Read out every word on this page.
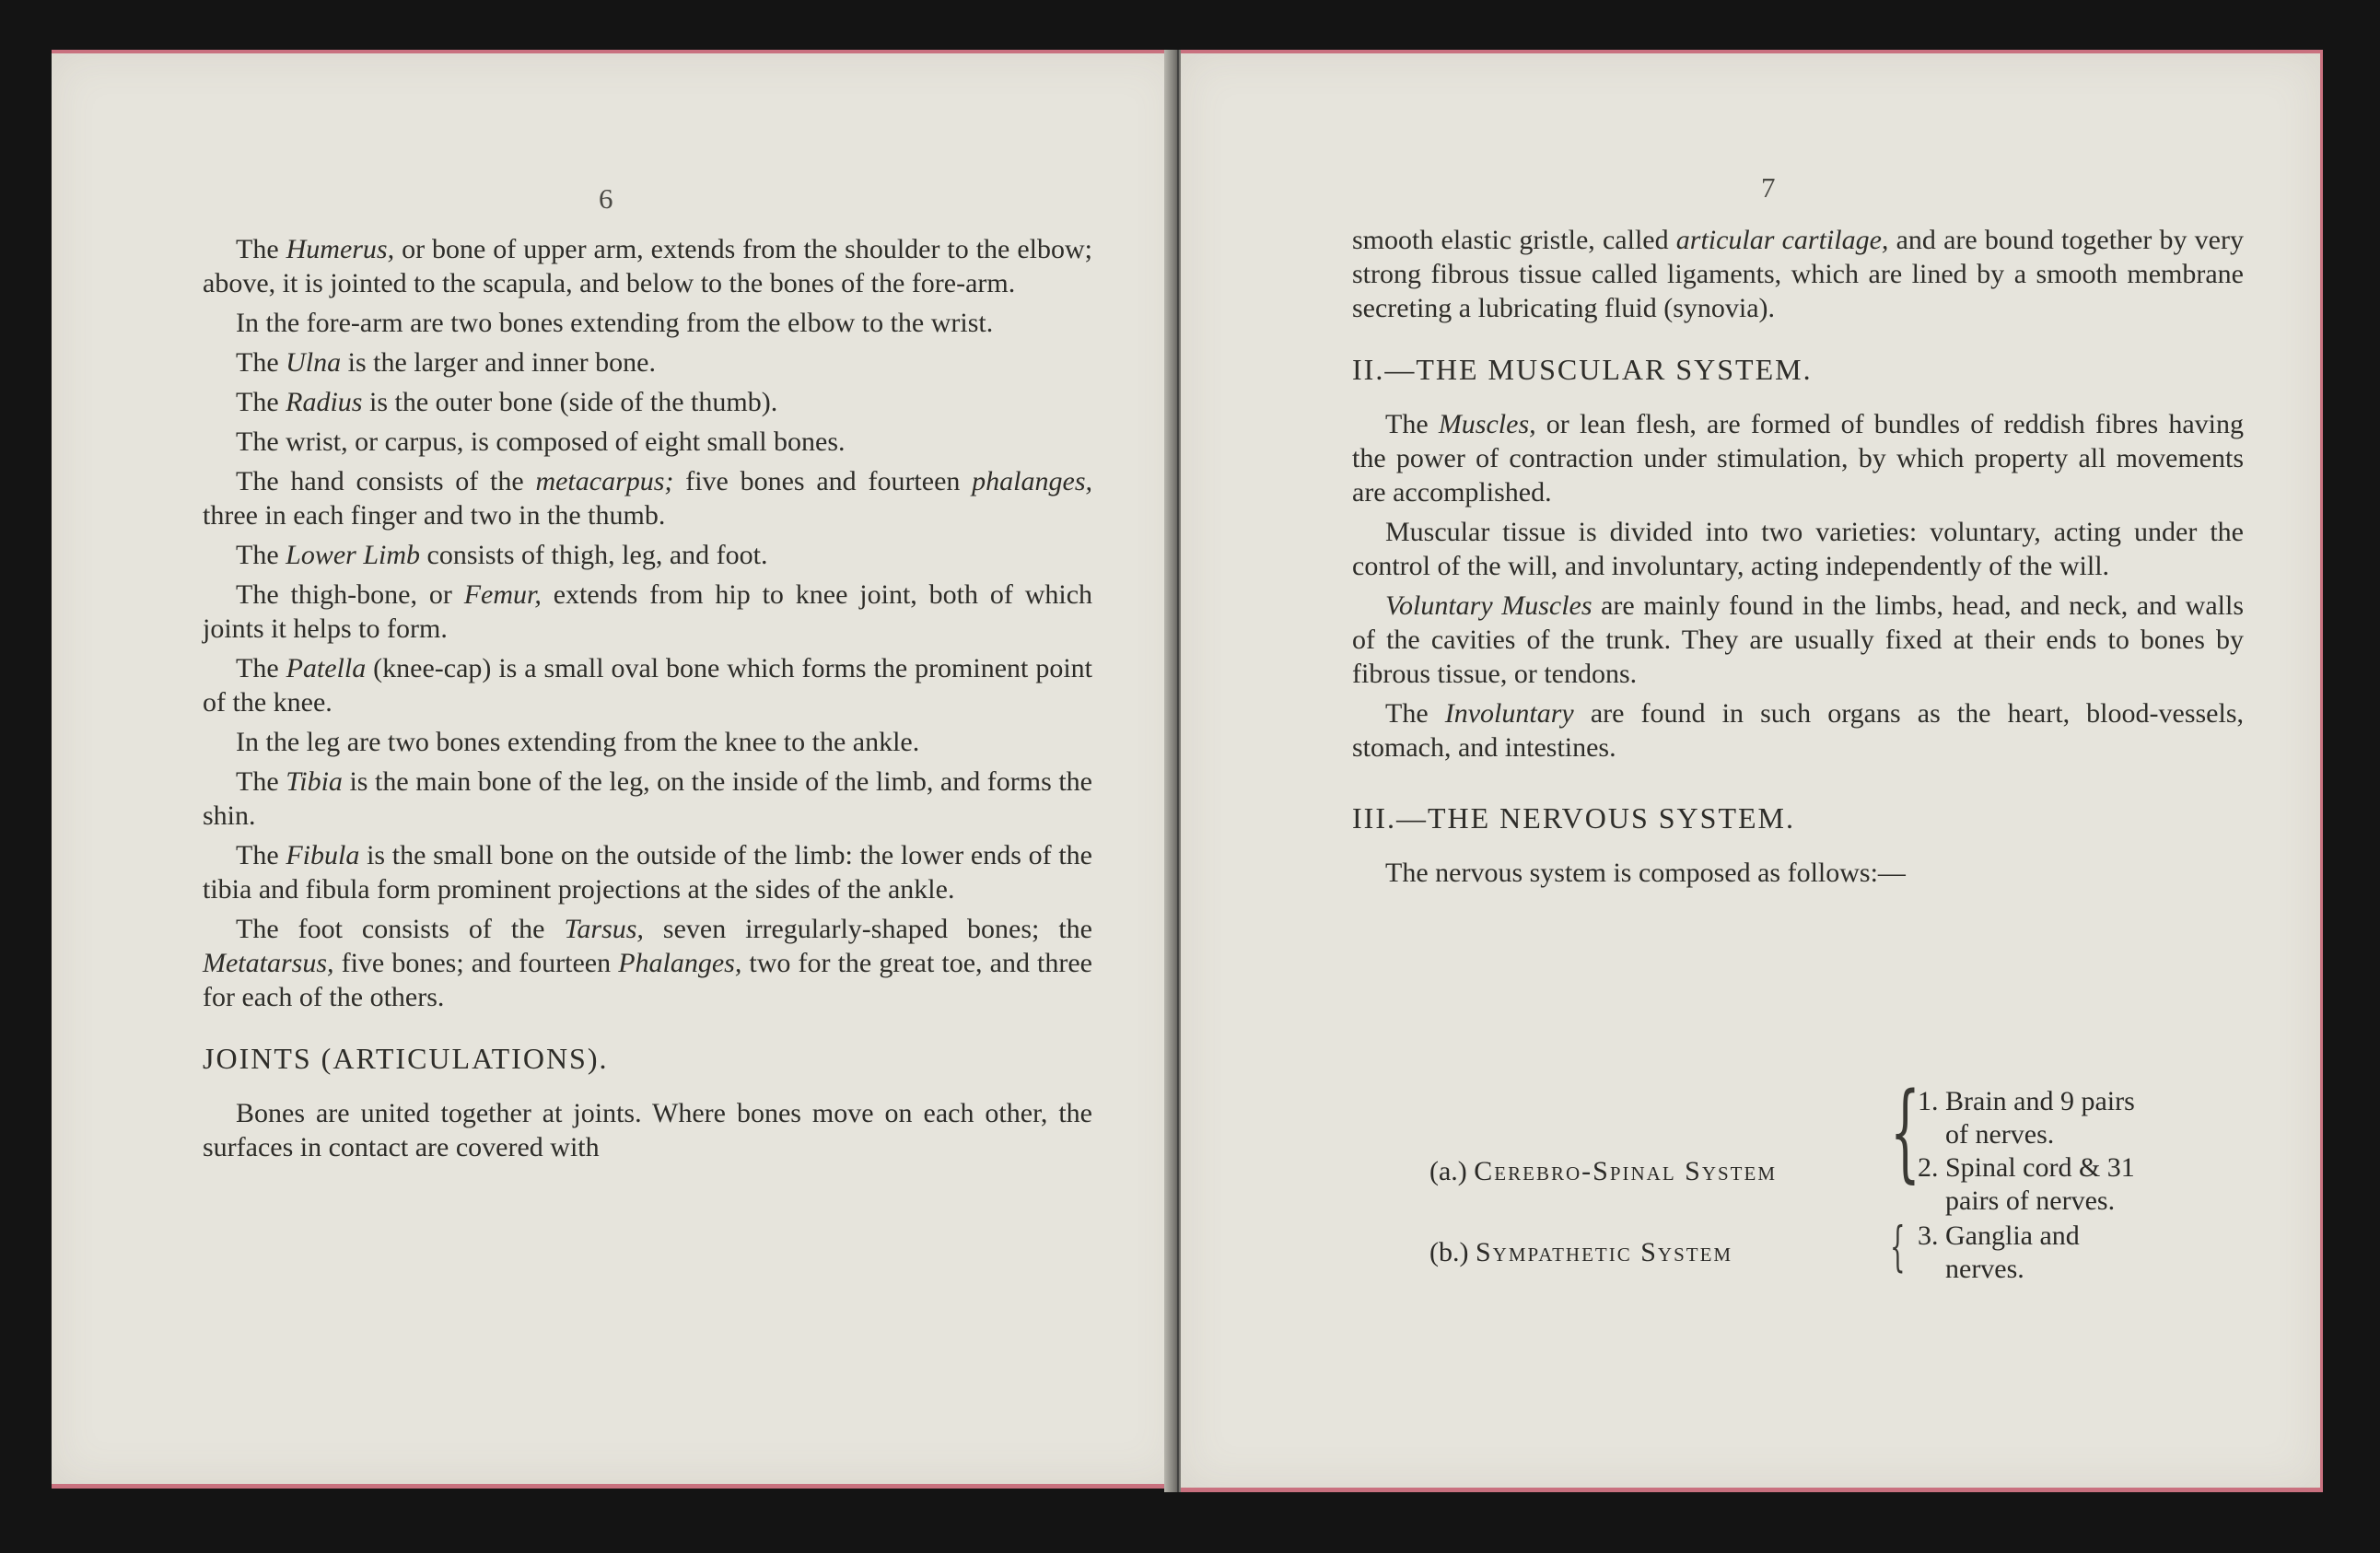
6

The Humerus, or bone of upper arm, extends from the shoulder to the elbow; above, it is jointed to the scapula, and below to the bones of the fore-arm.

In the fore-arm are two bones extending from the elbow to the wrist.

The Ulna is the larger and inner bone.

The Radius is the outer bone (side of the thumb).

The wrist, or carpus, is composed of eight small bones.

The hand consists of the metacarpus; five bones and fourteen phalanges, three in each finger and two in the thumb.

The Lower Limb consists of thigh, leg, and foot.

The thigh-bone, or Femur, extends from hip to knee joint, both of which joints it helps to form.

The Patella (knee-cap) is a small oval bone which forms the prominent point of the knee.

In the leg are two bones extending from the knee to the ankle.

The Tibia is the main bone of the leg, on the inside of the limb, and forms the shin.

The Fibula is the small bone on the outside of the limb: the lower ends of the tibia and fibula form prominent projections at the sides of the ankle.

The foot consists of the Tarsus, seven irregularly-shaped bones; the Metatarsus, five bones; and fourteen Phalanges, two for the great toe, and three for each of the others.

JOINTS (ARTICULATIONS).

Bones are united together at joints. Where bones move on each other, the surfaces in contact are covered with

7

smooth elastic gristle, called articular cartilage, and are bound together by very strong fibrous tissue called ligaments, which are lined by a smooth membrane secreting a lubricating fluid (synovia).

II.—THE MUSCULAR SYSTEM.

The Muscles, or lean flesh, are formed of bundles of reddish fibres having the power of contraction under stimulation, by which property all movements are accomplished.

Muscular tissue is divided into two varieties: voluntary, acting under the control of the will, and involuntary, acting independently of the will.

Voluntary Muscles are mainly found in the limbs, head, and neck, and walls of the cavities of the trunk. They are usually fixed at their ends to bones by fibrous tissue, or tendons.

The Involuntary are found in such organs as the heart, blood-vessels, stomach, and intestines.

III.—THE NERVOUS SYSTEM.

The nervous system is composed as follows:—

(a.) Cerebro-Spinal System {
1. Brain and 9 pairs
of nerves.
2. Spinal cord & 31
pairs of nerves.
(b.) Sympathetic System	{ 3. Ganglia and
nerves.
